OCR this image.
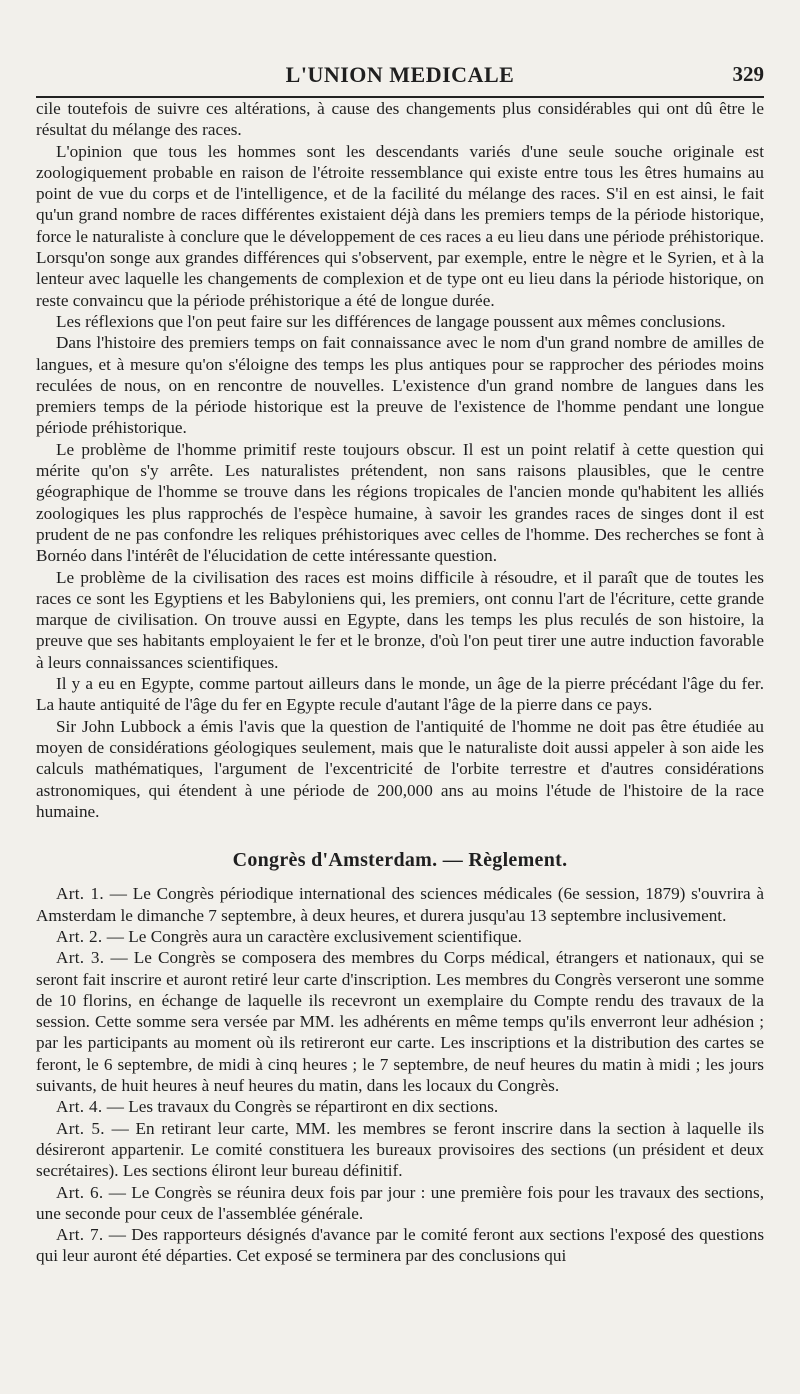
L'UNION MEDICALE	329

cile toutefois de suivre ces altérations, à cause des changements plus considérables qui ont dû être le résultat du mélange des races.

L'opinion que tous les hommes sont les descendants variés d'une seule souche originale est zoologiquement probable en raison de l'étroite ressemblance qui existe entre tous les êtres humains au point de vue du corps et de l'intelligence, et de la facilité du mélange des races. S'il en est ainsi, le fait qu'un grand nombre de races différentes existaient déjà dans les premiers temps de la période historique, force le naturaliste à conclure que le développement de ces races a eu lieu dans une période préhistorique. Lorsqu'on songe aux grandes différences qui s'observent, par exemple, entre le nègre et le Syrien, et à la lenteur avec laquelle les changements de complexion et de type ont eu lieu dans la période historique, on reste convaincu que la période préhistorique a été de longue durée.

Les réflexions que l'on peut faire sur les différences de langage poussent aux mêmes conclusions.

Dans l'histoire des premiers temps on fait connaissance avec le nom d'un grand nombre de amilles de langues, et à mesure qu'on s'éloigne des temps les plus antiques pour se rapprocher des périodes moins reculées de nous, on en rencontre de nouvelles. L'existence d'un grand nombre de langues dans les premiers temps de la période historique est la preuve de l'existence de l'homme pendant une longue période préhistorique.

Le problème de l'homme primitif reste toujours obscur. Il est un point relatif à cette question qui mérite qu'on s'y arrête. Les naturalistes prétendent, non sans raisons plausibles, que le centre géographique de l'homme se trouve dans les régions tropicales de l'ancien monde qu'habitent les alliés zoologiques les plus rapprochés de l'espèce humaine, à savoir les grandes races de singes dont il est prudent de ne pas confondre les reliques préhistoriques avec celles de l'homme. Des recherches se font à Bornéo dans l'intérêt de l'élucidation de cette intéressante question.

Le problème de la civilisation des races est moins difficile à résoudre, et il paraît que de toutes les races ce sont les Egyptiens et les Babyloniens qui, les premiers, ont connu l'art de l'écriture, cette grande marque de civilisation. On trouve aussi en Egypte, dans les temps les plus reculés de son histoire, la preuve que ses habitants employaient le fer et le bronze, d'où l'on peut tirer une autre induction favorable à leurs connaissances scientifiques.

Il y a eu en Egypte, comme partout ailleurs dans le monde, un âge de la pierre précédant l'âge du fer. La haute antiquité de l'âge du fer en Egypte recule d'autant l'âge de la pierre dans ce pays.

Sir John Lubbock a émis l'avis que la question de l'antiquité de l'homme ne doit pas être étudiée au moyen de considérations géologiques seulement, mais que le naturaliste doit aussi appeler à son aide les calculs mathématiques, l'argument de l'excentricité de l'orbite terrestre et d'autres considérations astronomiques, qui étendent à une période de 200,000 ans au moins l'étude de l'histoire de la race humaine.

Congrès d'Amsterdam. — Règlement.

Art. 1. — Le Congrès périodique international des sciences médicales (6e session, 1879) s'ouvrira à Amsterdam le dimanche 7 septembre, à deux heures, et durera jusqu'au 13 septembre inclusivement.

Art. 2. — Le Congrès aura un caractère exclusivement scientifique.

Art. 3. — Le Congrès se composera des membres du Corps médical, étrangers et nationaux, qui se seront fait inscrire et auront retiré leur carte d'inscription. Les membres du Congrès verseront une somme de 10 florins, en échange de laquelle ils recevront un exemplaire du Compte rendu des travaux de la session. Cette somme sera versée par MM. les adhérents en même temps qu'ils enverront leur adhésion ; par les participants au moment où ils retireront eur carte. Les inscriptions et la distribution des cartes se feront, le 6 septembre, de midi à cinq heures ; le 7 septembre, de neuf heures du matin à midi ; les jours suivants, de huit heures à neuf heures du matin, dans les locaux du Congrès.

Art. 4. — Les travaux du Congrès se répartiront en dix sections.

Art. 5. — En retirant leur carte, MM. les membres se feront inscrire dans la section à laquelle ils désireront appartenir. Le comité constituera les bureaux provisoires des sections (un président et deux secrétaires). Les sections éliront leur bureau définitif.

Art. 6. — Le Congrès se réunira deux fois par jour : une première fois pour les travaux des sections, une seconde pour ceux de l'assemblée générale.

Art. 7. — Des rapporteurs désignés d'avance par le comité feront aux sections l'exposé des questions qui leur auront été départies. Cet exposé se terminera par des conclusions qui
